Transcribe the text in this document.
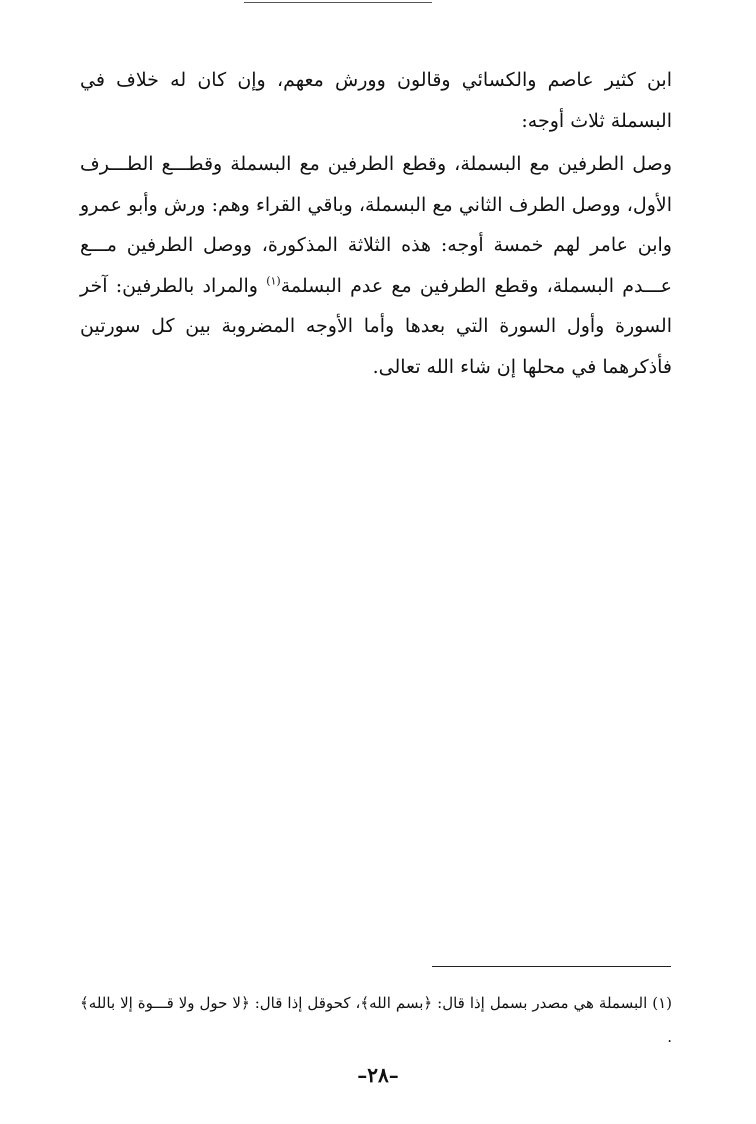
ابن كثير عاصم والكسائي وقالون وورش معهم، وإن كان له خلاف في البسملة ثلاث أوجه:

وصل الطرفين مع البسملة، وقطع الطرفين مع البسملة وقطـــع الطـــرف الأول، ووصل الطرف الثاني مع البسملة، وباقي القراء وهم: ورش وأبو عمرو وابن عامر لهم خمسة أوجه: هذه الثلاثة المذكورة، ووصل الطرفين مـــع عـــدم البسملة، وقطع الطرفين مع عدم البسلمة$^{(١)}$ والمراد بالطرفين: آخر السورة وأول السورة التي بعدها وأما الأوجه المضروبة بين كل سورتين فأذكرهما في محلها إن شاء الله تعالى.

(١) البسملة هي مصدر بسمل إذا قال: ﴿بسم الله﴾، كحوقل إذا قال: ﴿لا حول ولا قـــوة إلا بالله﴾ .

–٢٨–
